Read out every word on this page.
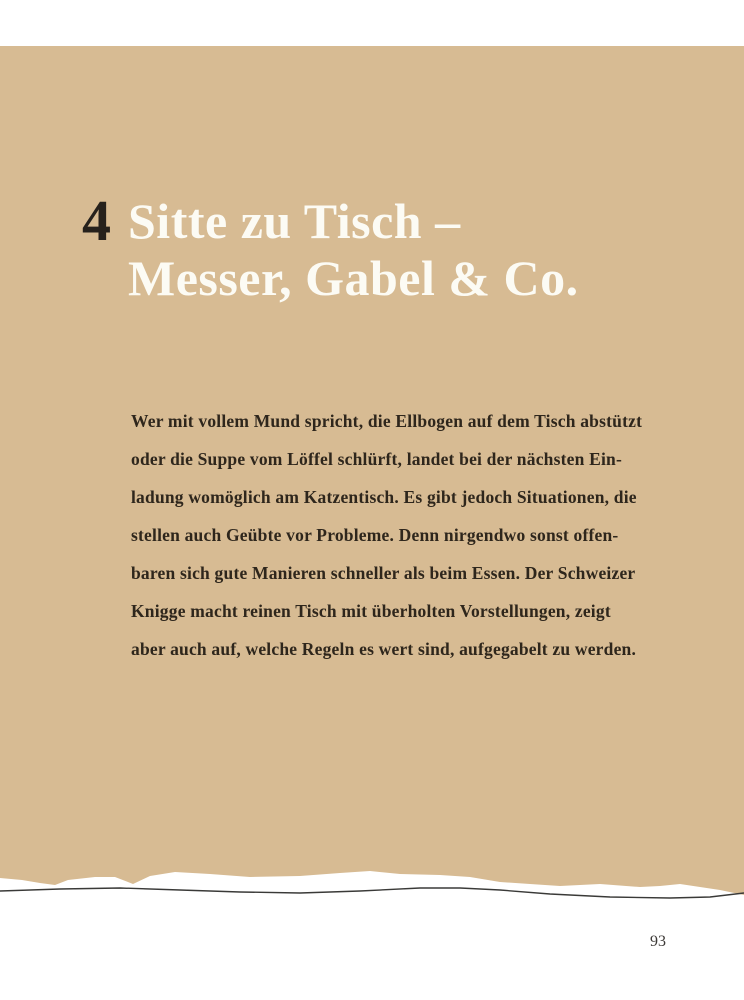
4 Sitte zu Tisch –
Messer, Gabel & Co.
Wer mit vollem Mund spricht, die Ellbogen auf dem Tisch abstützt
oder die Suppe vom Löffel schlürft, landet bei der nächsten Ein-
ladung womöglich am Katzentisch. Es gibt jedoch Situationen, die
stellen auch Geübte vor Probleme. Denn nirgendwo sonst offen-
baren sich gute Manieren schneller als beim Essen. Der Schweizer
Knigge macht reinen Tisch mit überholten Vorstellungen, zeigt
aber auch auf, welche Regeln es wert sind, aufgegabelt zu werden.
93
